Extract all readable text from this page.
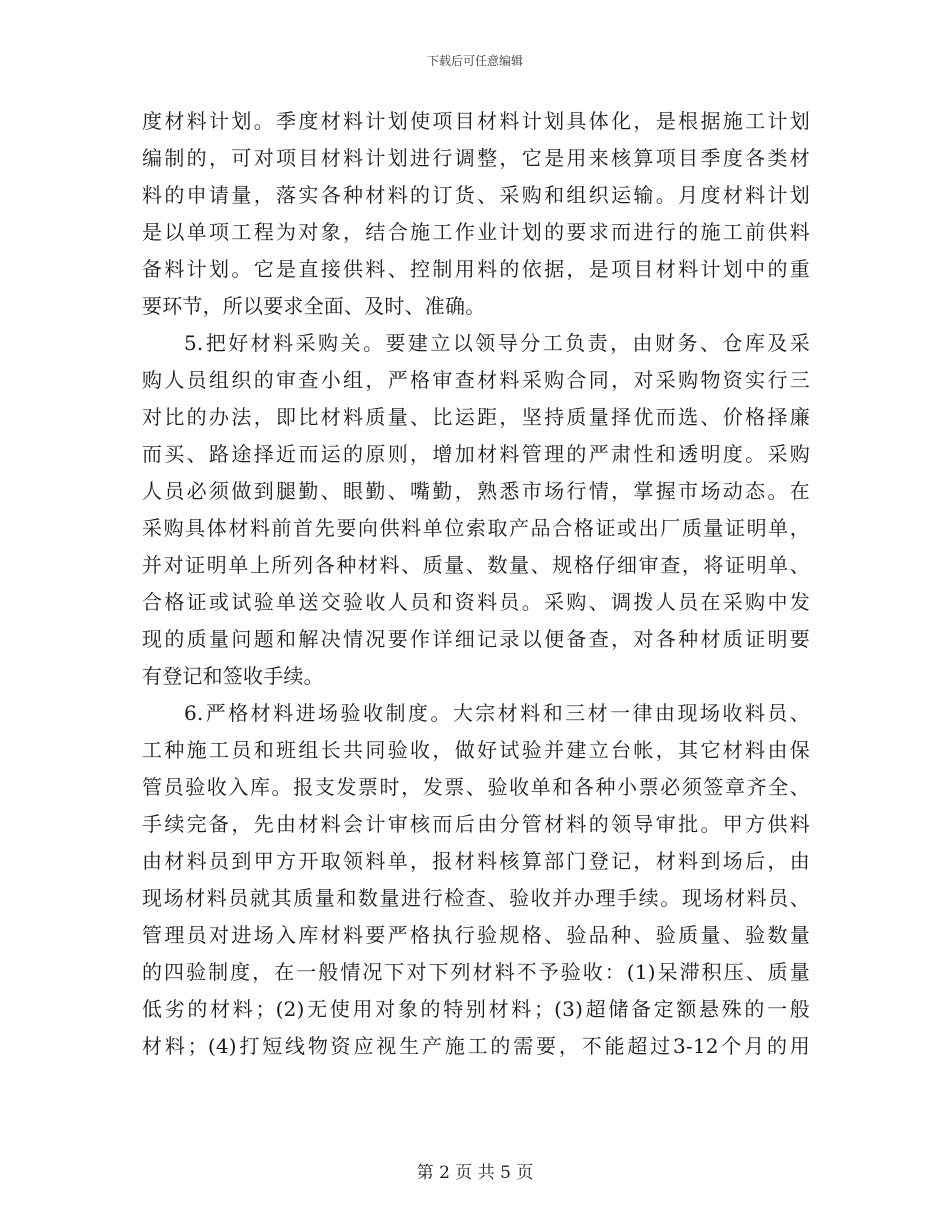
下载后可任意编辑
度材料计划。季度材料计划使项目材料计划具体化，是根据施工计划
编制的，可对项目材料计划进行调整，它是用来核算项目季度各类材
料的申请量，落实各种材料的订货、采购和组织运输。月度材料计划
是以单项工程为对象，结合施工作业计划的要求而进行的施工前供料
备料计划。它是直接供料、控制用料的依据，是项目材料计划中的重
要环节，所以要求全面、及时、准确。
5.把好材料采购关。要建立以领导分工负责，由财务、仓库及采
购人员组织的审查小组，严格审查材料采购合同，对采购物资实行三
对比的办法，即比材料质量、比运距，坚持质量择优而选、价格择廉
而买、路途择近而运的原则，增加材料管理的严肃性和透明度。采购
人员必须做到腿勤、眼勤、嘴勤，熟悉市场行情，掌握市场动态。在
采购具体材料前首先要向供料单位索取产品合格证或出厂质量证明单，
并对证明单上所列各种材料、质量、数量、规格仔细审查，将证明单、
合格证或试验单送交验收人员和资料员。采购、调拨人员在采购中发
现的质量问题和解决情况要作详细记录以便备查，对各种材质证明要
有登记和签收手续。
6.严格材料进场验收制度。大宗材料和三材一律由现场收料员、
工种施工员和班组长共同验收，做好试验并建立台帐，其它材料由保
管员验收入库。报支发票时，发票、验收单和各种小票必须签章齐全、
手续完备，先由材料会计审核而后由分管材料的领导审批。甲方供料
由材料员到甲方开取领料单，报材料核算部门登记，材料到场后，由
现场材料员就其质量和数量进行检查、验收并办理手续。现场材料员、
管理员对进场入库材料要严格执行验规格、验品种、验质量、验数量
的四验制度，在一般情况下对下列材料不予验收：(1)呆滞积压、质量
低劣的材料；(2)无使用对象的特别材料；(3)超储备定额悬殊的一般
材料；(4)打短线物资应视生产施工的需要，不能超过3-12个月的用
第 2 页 共 5 页
